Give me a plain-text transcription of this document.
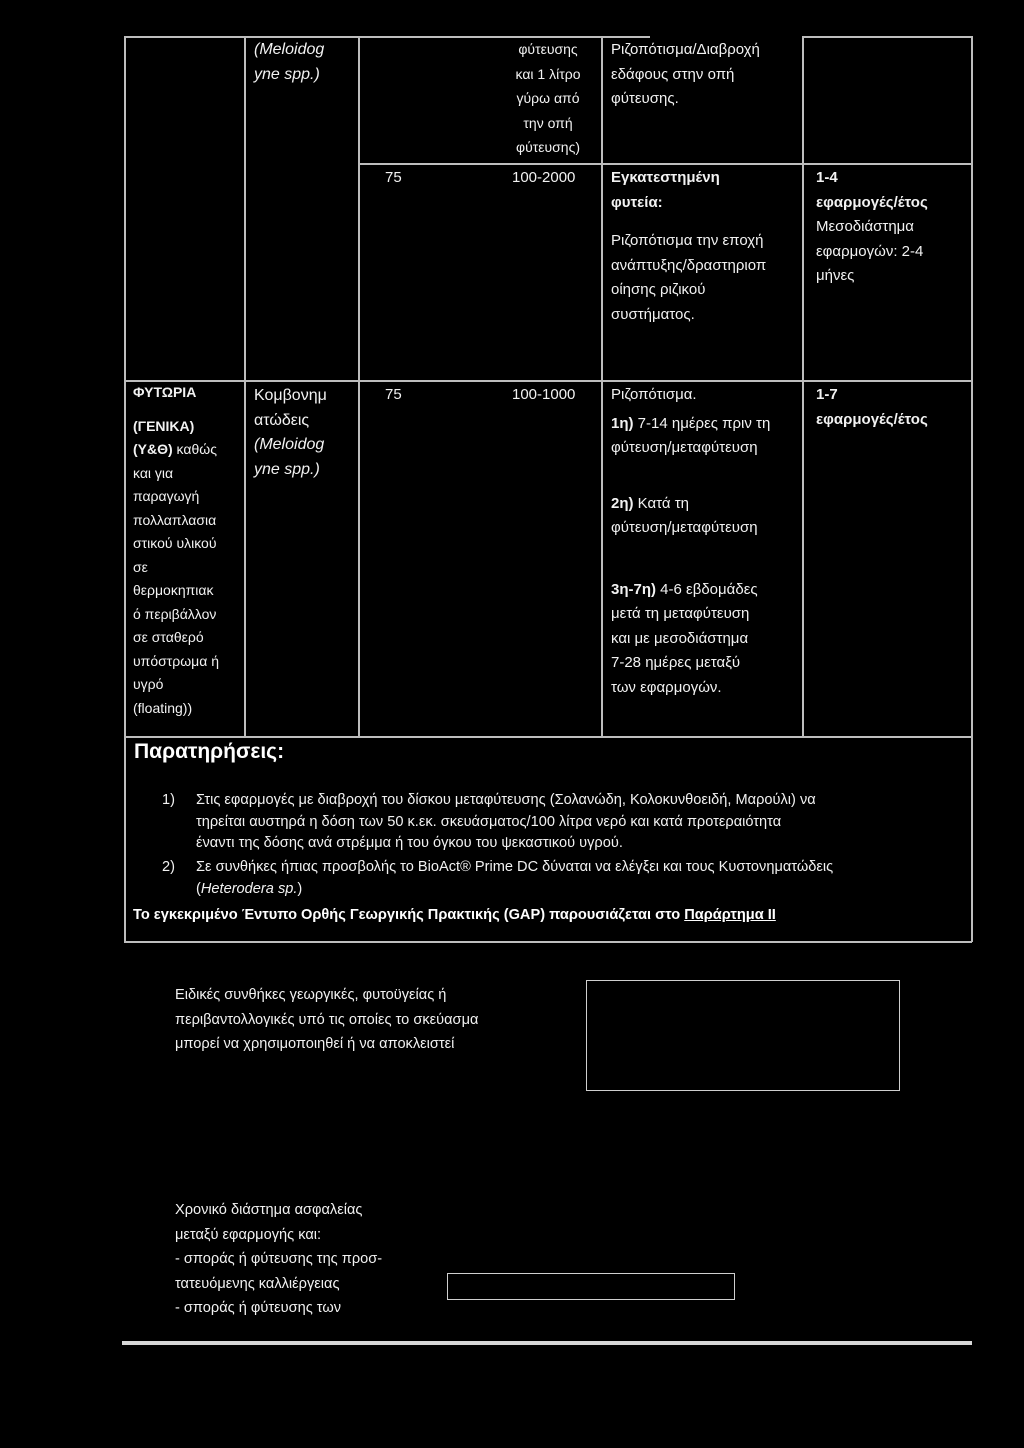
(Meloidog
yne spp.)
φύτευσης
και 1 λίτρο
γύρω από
την οπή
φύτευσης)
Ριζοπότισμα/Διαβροχή
εδάφους στην οπή
φύτευσης.
75	100-2000 Εγκατεστημένη
φυτεία:
Ριζοπότισμα την εποχή
ανάπτυξης/δραστηριοπ
οίησης ριζικού
συστήματος.
1-4
εφαρμογές/έτος
Μεσοδιάστημα
εφαρμογών: 2-4
μήνες
ΦΥΤΩΡΙΑ
(ΓΕΝΙΚΑ)
(Υ&Θ) καθώς
και για
παραγωγή
πολλαπλασια
στικού υλικού
σε
θερμοκηπιακ
ό περιβάλλον
σε σταθερό
υπόστρωμα ή
υγρό
(floating))
Κομβονημ
ατώδεις
(Meloidog
yne spp.)
75	100-1000 Ριζοπότισμα.
1η) 7-14 ημέρες πριν τη
φύτευση/μεταφύτευση
2η) Κατά τη
φύτευση/μεταφύτευση
3η-7η) 4-6 εβδομάδες
μετά τη μεταφύτευση
και με μεσοδιάστημα
7-28 ημέρες μεταξύ
των εφαρμογών.
1-7
εφαρμογές/έτος
Παρατηρήσεις:
1) Στις εφαρμογές με διαβροχή του δίσκου μεταφύτευσης (Σολανώδη, Κολοκυνθοειδή, Μαρούλι) να
τηρείται αυστηρά η δόση των 50 κ.εκ. σκευάσματος/100 λίτρα νερό και κατά προτεραιότητα
έναντι της δόσης ανά στρέμμα ή του όγκου του ψεκαστικού υγρού.
2) Σε συνθήκες ήπιας προσβολής το BioAct® Prime DC δύναται να ελέγξει και τους Κυστονηματώδεις
(Heterodera sp.)
Το εγκεκριμένο Έντυπο Ορθής Γεωργικής Πρακτικής (GAP) παρουσιάζεται στο Παράρτημα ΙΙ
Ειδικές συνθήκες γεωργικές, φυτοϋγείας ή
περιβαντολλογικές υπό τις οποίες το σκεύασμα
μπορεί να χρησιμοποιηθεί ή να αποκλειστεί
Χρονικό διάστημα ασφαλείας
μεταξύ εφαρμογής και:
- σποράς ή φύτευσης της προσ-
τατευόμενης καλλιέργειας
- σποράς ή φύτευσης των
